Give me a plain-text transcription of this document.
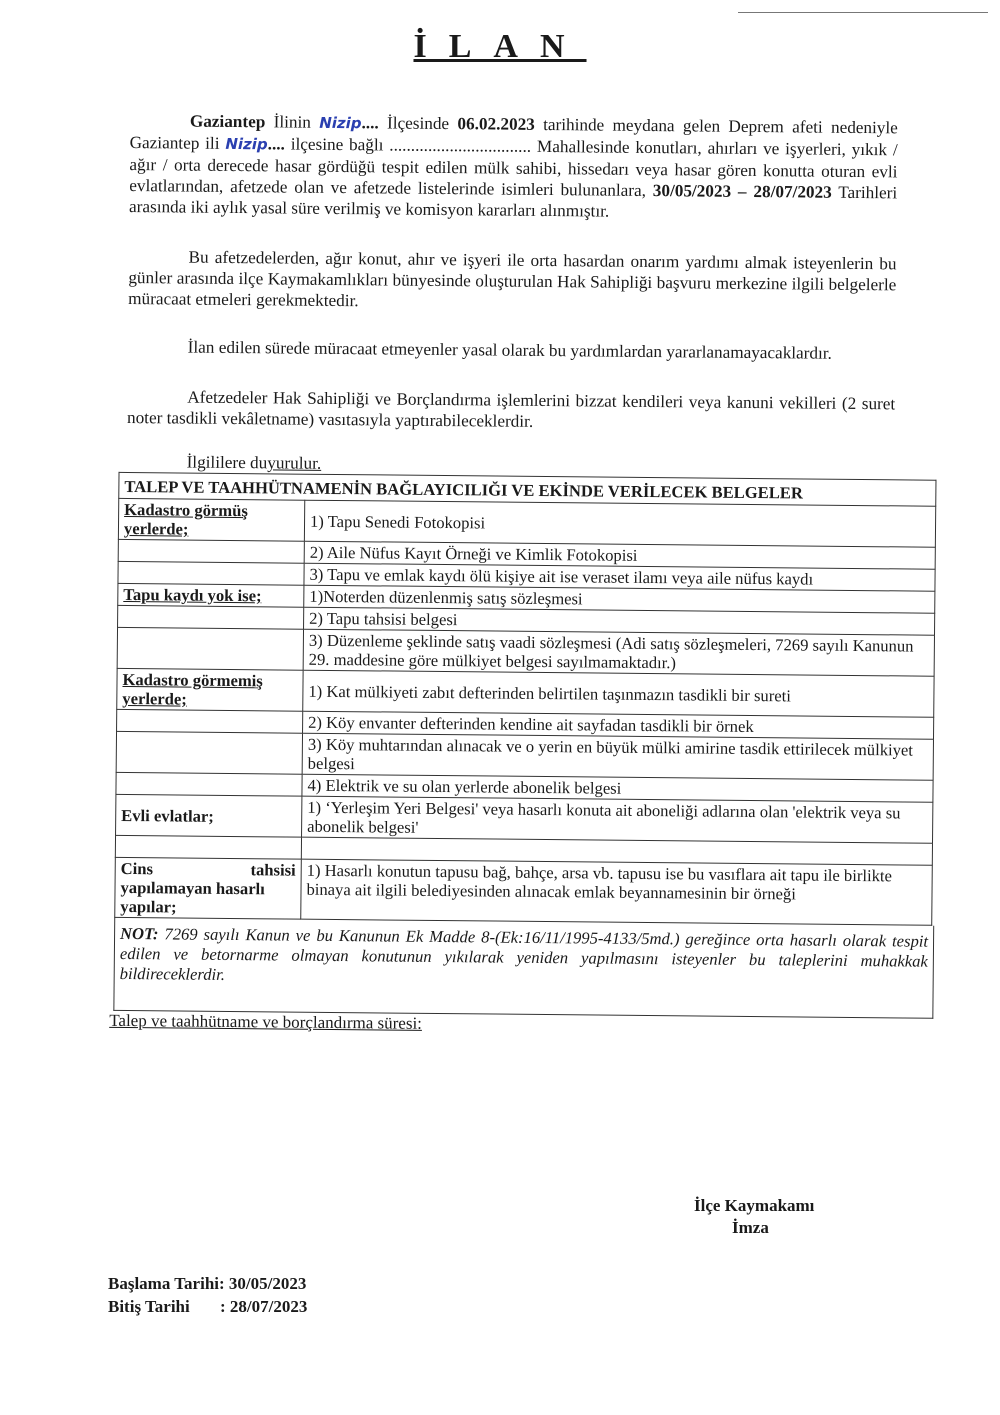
İLAN

Gaziantep İlinin Nizip.... İlçesinde 06.02.2023 tarihinde meydana gelen Deprem afeti nedeniyle Gaziantep ili Nizip.... ilçesine bağlı ................................. Mahallesinde konutları, ahırları ve işyerleri, yıkık / ağır / orta derecede hasar gördüğü tespit edilen mülk sahibi, hissedarı veya hasar gören konutta oturan evli evlatlarından, afetzede olan ve afetzede listelerinde isimleri bulunanlara, 30/05/2023 – 28/07/2023 Tarihleri arasında iki aylık yasal süre verilmiş ve komisyon kararları alınmıştır.

Bu afetzedelerden, ağır konut, ahır ve işyeri ile orta hasardan onarım yardımı almak isteyenlerin bu günler arasında ilçe Kaymakamlıkları bünyesinde oluşturulan Hak Sahipliği başvuru merkezine ilgili belgelerle müracaat etmeleri gerekmektedir.

İlan edilen sürede müracaat etmeyenler yasal olarak bu yardımlardan yararlanamayacaklardır.

Afetzedeler Hak Sahipliği ve Borçlandırma işlemlerini bizzat kendileri veya kanuni vekilleri (2 suret noter tasdikli vekâletname) vasıtasıyla yaptırabileceklerdir.

İlgililere duyurulur.

TALEP VE TAAHHÜTNAMENİN BAĞLAYICILIĞI VE EKİNDE VERİLECEK BELGELER	
Kadastro görmüş yerlerde;	1) Tapu Senedi Fotokopisi
	2) Aile Nüfus Kayıt Örneği ve Kimlik Fotokopisi
	3) Tapu ve emlak kaydı ölü kişiye ait ise veraset ilamı veya aile nüfus kaydı
Tapu kaydı yok ise;	1)Noterden düzenlenmiş satış sözleşmesi
	2) Tapu tahsisi belgesi
	3) Düzenleme şeklinde satış vaadi sözleşmesi (Adi satış sözleşmeleri, 7269 sayılı Kanunun 29. maddesine göre mülkiyet belgesi sayılmamaktadır.)
Kadastro görmemiş yerlerde;	1) Kat mülkiyeti zabıt defterinden belirtilen taşınmazın tasdikli bir sureti
	2) Köy envanter defterinden kendine ait sayfadan tasdikli bir örnek
	3) Köy muhtarından alınacak ve o yerin en büyük mülki amirine tasdik ettirilecek mülkiyet belgesi
	4) Elektrik ve su olan yerlerde abonelik belgesi
Evli evlatlar;	1) ‘Yerleşim Yeri Belgesi' veya hasarlı konuta ait aboneliği adlarına olan 'elektrik veya su abonelik belgesi'

Cins tahsisi
yapılamayan hasarlı yapılar;	1) Hasarlı konutun tapusu bağ, bahçe, arsa vb. tapusu ise bu vasıflara ait tapu ile birlikte binaya ait ilgili belediyesinden alınacak emlak beyannamesinin bir örneği
NOT: 7269 sayılı Kanun ve bu Kanunun Ek Madde 8-(Ek:16/11/1995-4133/5md.) gereğince orta hasarlı olarak tespit edilen ve betornarme olmayan konutunun yıkılarak yeniden yapılmasını isteyenler bu taleplerini muhakkak bildireceklerdir.
Talep ve taahhütname ve borçlandırma süresi:
İlçe Kaymakamı
İmza
Başlama Tarihi: 30/05/2023
Bitiş Tarihi : 28/07/2023
